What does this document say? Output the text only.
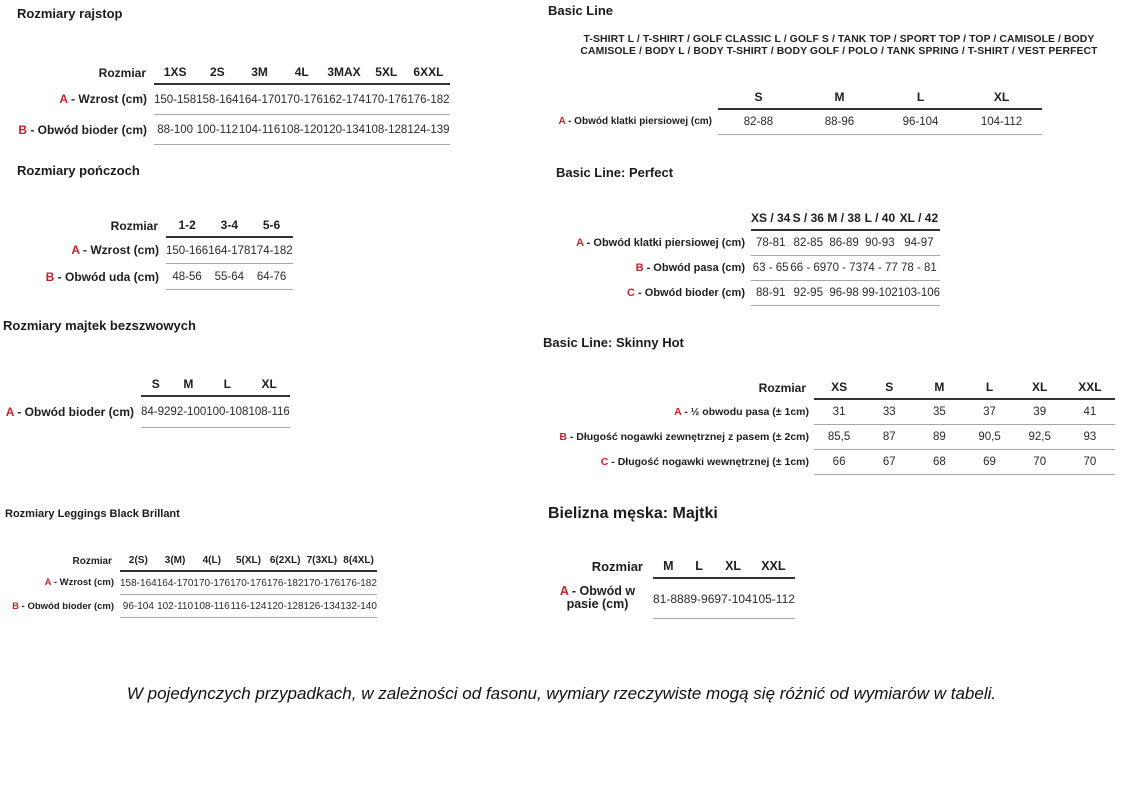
Rozmiary rajstop
Rozmiar	1XS	2S	3M	4L	3MAX	5XL	6XXL
A - Wzrost (cm)	150-158	158-164	164-170	170-176	162-174	170-176	176-182
B - Obwód bioder (cm)	88-100	100-112	104-116	108-120	120-134	108-128	124-139
Rozmiary pończoch
Rozmiar	1-2	3-4	5-6
A - Wzrost (cm)	150-166	164-178	174-182
B - Obwód uda (cm)	48-56	55-64	64-76
Rozmiary majtek bezszwowych
	S	M	L	XL
A - Obwód bioder (cm)	84-92	92-100	100-108	108-116
Rozmiary Leggings Black Brillant
Rozmiar	2(S)	3(M)	4(L)	5(XL)	6(2XL)	7(3XL)	8(4XL)
A - Wzrost (cm)	158-164	164-170	170-176	170-176	176-182	170-176	176-182
B - Obwód bioder (cm)	96-104	102-110	108-116	116-124	120-128	126-134	132-140
Basic Line
T-SHIRT L / T-SHIRT / GOLF CLASSIC L / GOLF S / TANK TOP / SPORT TOP / TOP / CAMISOLE / BODY CAMISOLE / BODY L / BODY T-SHIRT / BODY GOLF / POLO / TANK SPRING / T-SHIRT / VEST PERFECT
	S	M	L	XL
A - Obwód klatki piersiowej (cm)	82-88	88-96	96-104	104-112
Basic Line: Perfect
	XS / 34	S / 36	M / 38	L / 40	XL / 42
A - Obwód klatki piersiowej (cm)	78-81	82-85	86-89	90-93	94-97
B - Obwód pasa (cm)	63 - 65	66 - 69	70 - 73	74 - 77	78 - 81
C - Obwód bioder (cm)	88-91	92-95	96-98	99-102	103-106
Basic Line: Skinny Hot
Rozmiar	XS	S	M	L	XL	XXL
A - ½ obwodu pasa (± 1cm)	31	33	35	37	39	41
B - Długość nogawki zewnętrznej z pasem (± 2cm)	85,5	87	89	90,5	92,5	93
C - Długość nogawki wewnętrznej (± 1cm)	66	67	68	69	70	70
Bielizna męska: Majtki
Rozmiar	M	L	XL	XXL
A - Obwód w pasie (cm)	81-88	89-96	97-104	105-112

W pojedynczych przypadkach, w zależności od fasonu, wymiary rzeczywiste mogą się różnić od wymiarów w tabeli.
